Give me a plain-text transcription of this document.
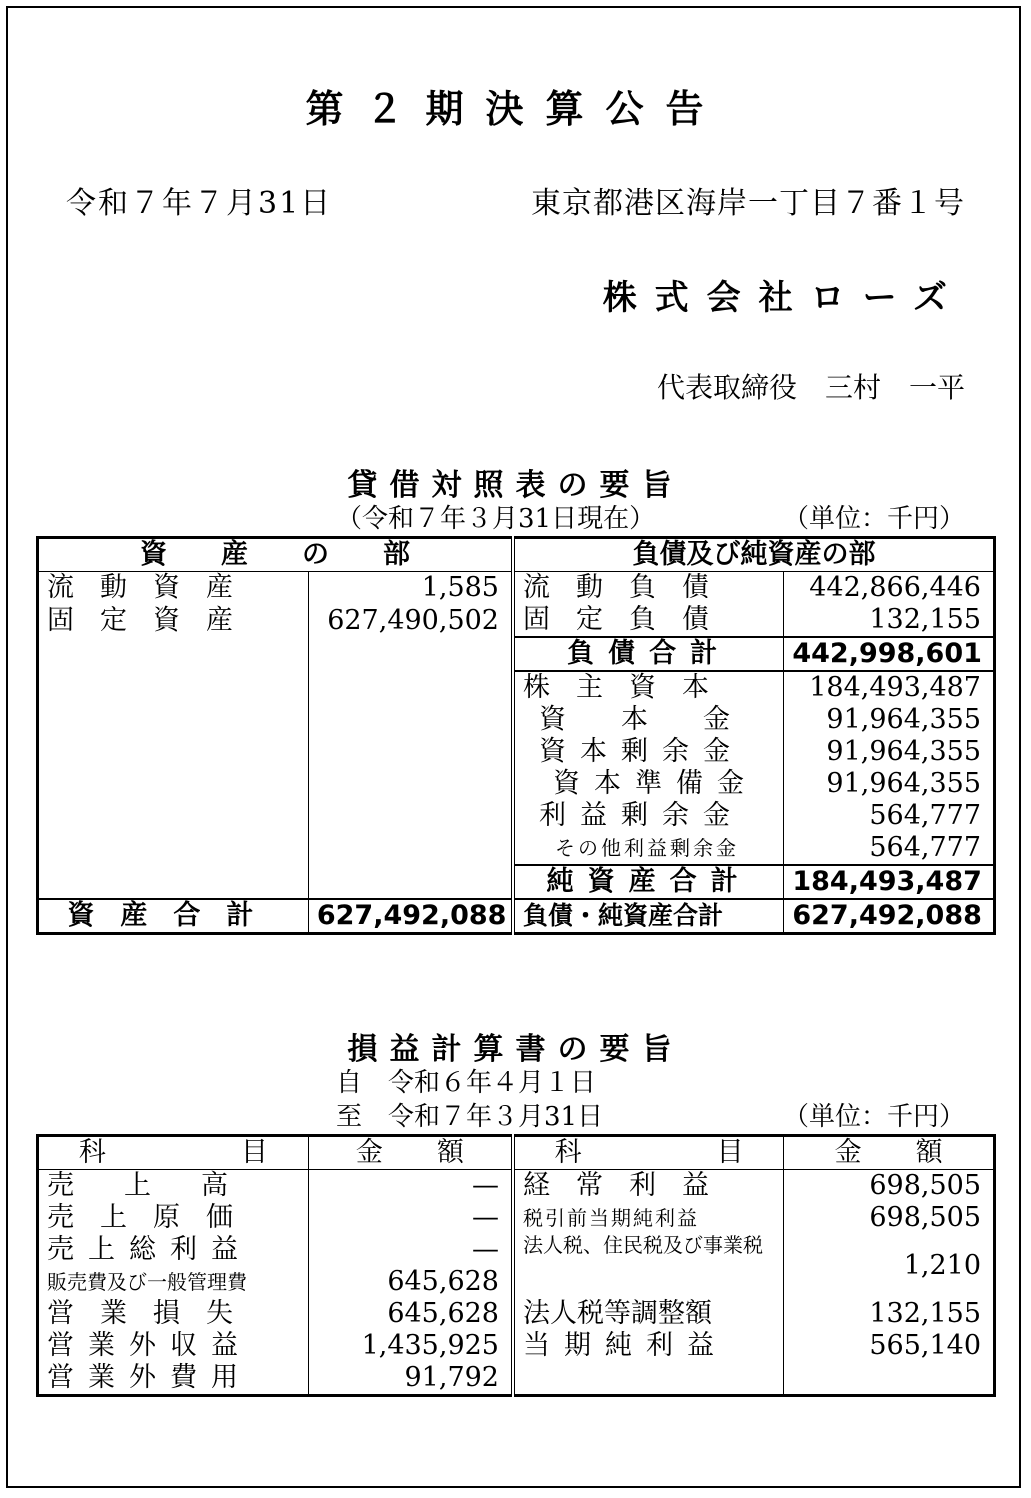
第２期決算公告
令和７年７月31日	東京都港区海岸一丁目７番１号
株式会社ローズ
代表取締役　三村　一平
貸借対照表の要旨
（令和７年３月31日現在）	（単位：千円）
資　　産　　の　　部		負債及び純資産の部	
流動資産	1,585	流動負債	442,866,446
固定資産	627,490,502	固定負債	132,155
		負債合計	442,998,601
		株主資本	184,493,487
		資　本　金	91,964,355
		資本剰余金	91,964,355
		資本準備金	91,964,355
		利益剰余金	564,777
		その他利益剰余金	564,777
		純資産合計	184,493,487
資産合計	627,492,088	負債・純資産合計	627,492,088
損益計算書の要旨
自　令和６年４月１日
至　令和７年３月31日	（単位：千円）
科　　　　　目	金　　額	科　　　　　目	金　　額
売上高	—	経常利益	698,505
売上原価	—	税引前当期純利益	698,505
売上総利益	—	法人税、住民税及び事業税	1,210
販売費及び一般管理費	645,628		
営業損失	645,628	法人税等調整額	132,155
営業外収益	1,435,925	当期純利益	565,140
営業外費用	91,792		
